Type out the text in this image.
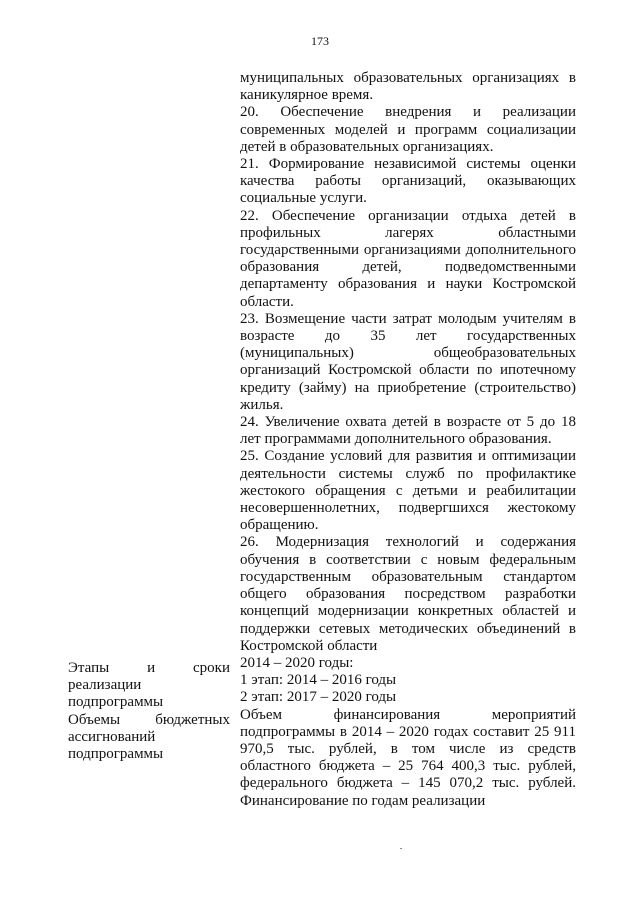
173

муниципальных образовательных организациях в каникулярное время.

20. Обеспечение внедрения и реализации современных моделей и программ социализации детей в образовательных организациях.

21. Формирование независимой системы оценки качества работы организаций, оказывающих социальные услуги.

22. Обеспечение организации отдыха детей в профильных лагерях областными государственными организациями дополнительного образования детей, подведомственными департаменту образования и науки Костромской области.

23. Возмещение части затрат молодым учителям в возрасте до 35 лет государственных (муниципальных) общеобразовательных организаций Костромской области по ипотечному кредиту (займу) на приобретение (строительство) жилья.

24. Увеличение охвата детей в возрасте от 5 до 18 лет программами дополнительного образования.

25. Создание условий для развития и оптимизации деятельности системы служб по профилактике жестокого обращения с детьми и реабилитации несовершеннолетних, подвергшихся жестокому обращению.

26. Модернизация технологий и содержания обучения в соответствии с новым федеральным государственным образовательным стандартом общего образования посредством разработки концепций модернизации конкретных областей и поддержки сетевых методических объединений в Костромской области

2014 – 2020 годы:

1 этап: 2014 – 2016 годы

2 этап: 2017 – 2020 годы

Объем финансирования мероприятий подпрограммы в 2014 – 2020 годах составит 25 911 970,5 тыс. рублей, в том числе из средств областного бюджета – 25 764 400,3 тыс. рублей, федерального бюджета – 145 070,2 тыс. рублей. Финансирование по годам реализации

Этапы и сроки реализации подпрограммы

Объемы бюджетных ассигнований подпрограммы
